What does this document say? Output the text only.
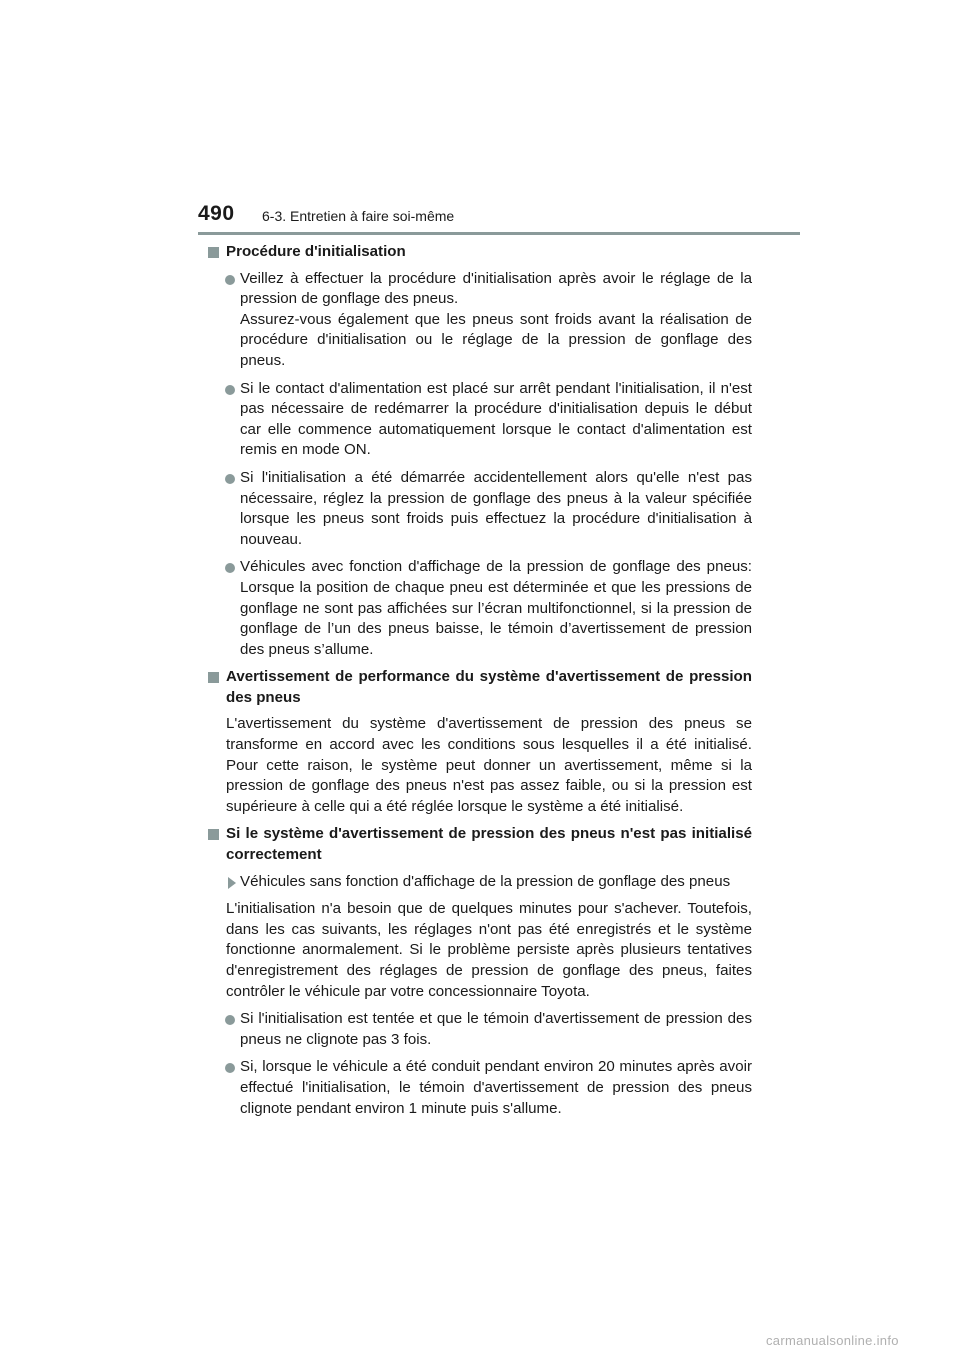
490 6-3. Entretien à faire soi-même
Procédure d'initialisation
Veillez à effectuer la procédure d'initialisation après avoir le réglage de la pression de gonflage des pneus.
Assurez-vous également que les pneus sont froids avant la réalisation de procédure d'initialisation ou le réglage de la pression de gonflage des pneus.
Si le contact d'alimentation est placé sur arrêt pendant l'initialisation, il n'est pas nécessaire de redémarrer la procédure d'initialisation depuis le début car elle commence automatiquement lorsque le contact d'alimentation est remis en mode ON.
Si l'initialisation a été démarrée accidentellement alors qu'elle n'est pas nécessaire, réglez la pression de gonflage des pneus à la valeur spécifiée lorsque les pneus sont froids puis effectuez la procédure d'initialisation à nouveau.
Véhicules avec fonction d'affichage de la pression de gonflage des pneus: Lorsque la position de chaque pneu est déterminée et que les pressions de gonflage ne sont pas affichées sur l’écran multifonctionnel, si la pression de gonflage de l’un des pneus baisse, le témoin d’avertissement de pression des pneus s’allume.
Avertissement de performance du système d'avertissement de pression des pneus
L'avertissement du système d'avertissement de pression des pneus se transforme en accord avec les conditions sous lesquelles il a été initialisé. Pour cette raison, le système peut donner un avertissement, même si la pression de gonflage des pneus n'est pas assez faible, ou si la pression est supérieure à celle qui a été réglée lorsque le système a été initialisé.
Si le système d'avertissement de pression des pneus n'est pas initialisé correctement
Véhicules sans fonction d'affichage de la pression de gonflage des pneus
L'initialisation n'a besoin que de quelques minutes pour s'achever. Toutefois, dans les cas suivants, les réglages n'ont pas été enregistrés et le système fonctionne anormalement. Si le problème persiste après plusieurs tentatives d'enregistrement des réglages de pression de gonflage des pneus, faites contrôler le véhicule par votre concessionnaire Toyota.
Si l'initialisation est tentée et que le témoin d'avertissement de pression des pneus ne clignote pas 3 fois.
Si, lorsque le véhicule a été conduit pendant environ 20 minutes après avoir effectué l'initialisation, le témoin d'avertissement de pression des pneus clignote pendant environ 1 minute puis s'allume.
carmanualsonline.info
